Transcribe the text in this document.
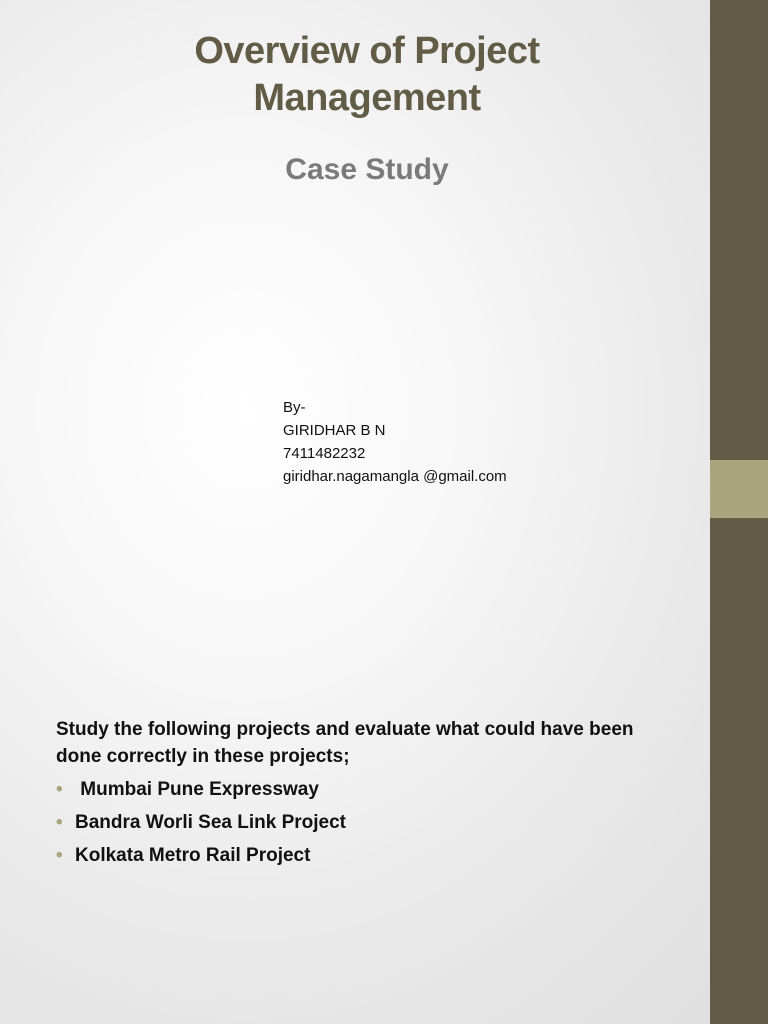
Overview of Project Management
Case Study
By-
GIRIDHAR B N
7411482232
giridhar.nagamangla @gmail.com

Study the following projects and evaluate what could have been done correctly in these projects;

• Mumbai Pune Expressway
• Bandra Worli Sea Link Project
• Kolkata Metro Rail Project
